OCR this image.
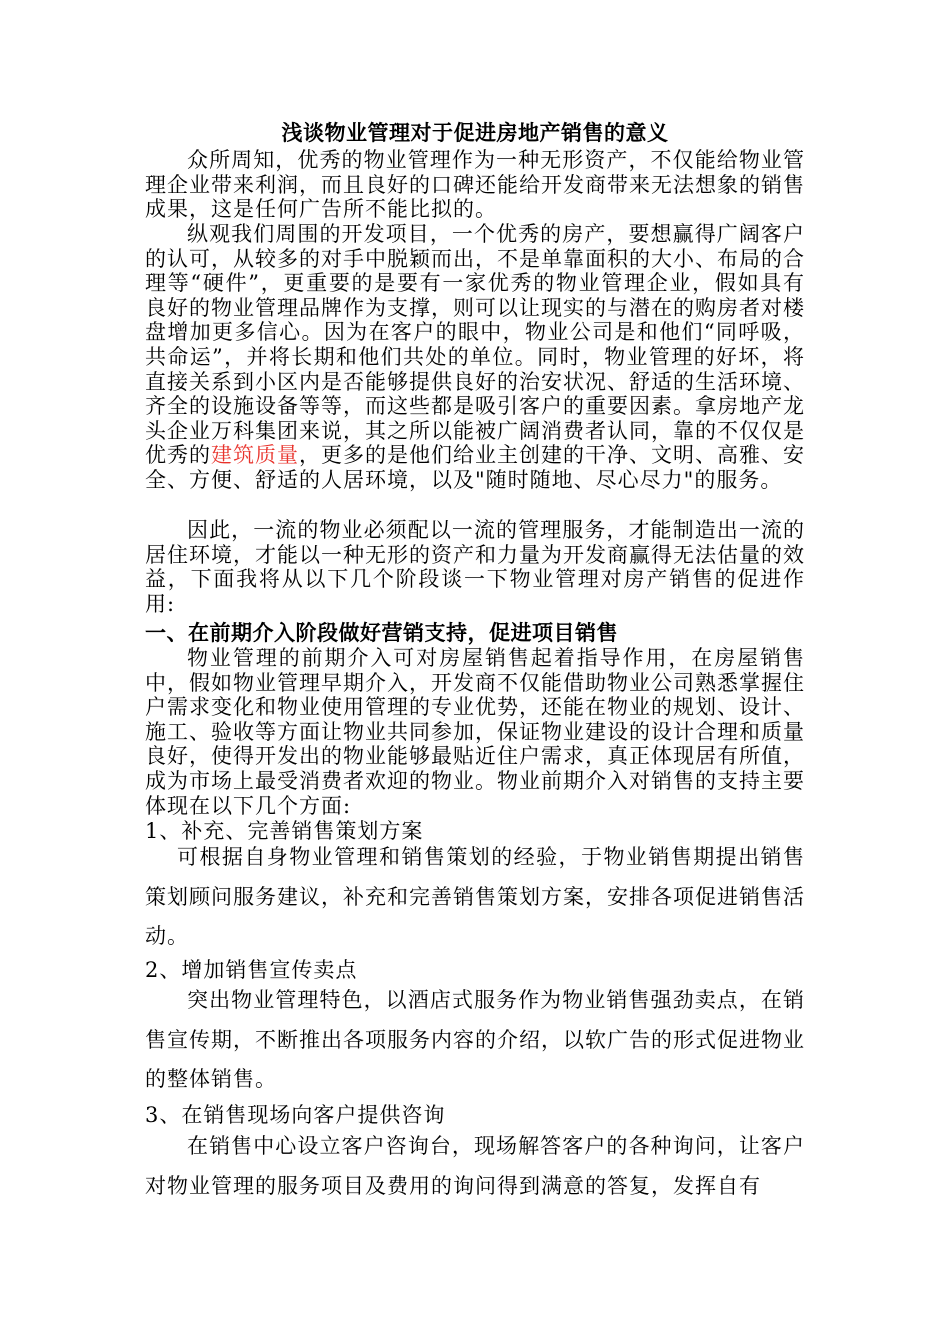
浅谈物业管理对于促进房地产销售的意义

众所周知，优秀的物业管理作为一种无形资产，不仅能给物业管理企业带来利润，而且良好的口碑还能给开发商带来无法想象的销售成果，这是任何广告所不能比拟的。

纵观我们周围的开发项目，一个优秀的房产，要想赢得广阔客户的认可，从较多的对手中脱颖而出，不是单靠面积的大小、布局的合理等“硬件”，更重要的是要有一家优秀的物业管理企业，假如具有良好的物业管理品牌作为支撑，则可以让现实的与潜在的购房者对楼盘增加更多信心。因为在客户的眼中，物业公司是和他们“同呼吸，共命运”，并将长期和他们共处的单位。同时，物业管理的好坏，将直接关系到小区内是否能够提供良好的治安状况、舒适的生活环境、齐全的设施设备等等，而这些都是吸引客户的重要因素。拿房地产龙头企业万科集团来说，其之所以能被广阔消费者认同，靠的不仅仅是优秀的建筑质量，更多的是他们给业主创建的干净、文明、高雅、安全、方便、舒适的人居环境，以及"随时随地、尽心尽力"的服务。

因此，一流的物业必须配以一流的管理服务，才能制造出一流的居住环境，才能以一种无形的资产和力量为开发商赢得无法估量的效益，下面我将从以下几个阶段谈一下物业管理对房产销售的促进作用:

一、在前期介入阶段做好营销支持，促进项目销售

物业管理的前期介入可对房屋销售起着指导作用，在房屋销售中，假如物业管理早期介入，开发商不仅能借助物业公司熟悉掌握住户需求变化和物业使用管理的专业优势，还能在物业的规划、设计、施工、验收等方面让物业共同参加，保证物业建设的设计合理和质量良好，使得开发出的物业能够最贴近住户需求，真正体现居有所值，成为市场上最受消费者欢迎的物业。物业前期介入对销售的支持主要体现在以下几个方面:

1、补充、完善销售策划方案

可根据自身物业管理和销售策划的经验，于物业销售期提出销售策划顾问服务建议，补充和完善销售策划方案，安排各项促进销售活动。

2、增加销售宣传卖点

突出物业管理特色，以酒店式服务作为物业销售强劲卖点，在销售宣传期，不断推出各项服务内容的介绍，以软广告的形式促进物业的整体销售。

3、在销售现场向客户提供咨询

在销售中心设立客户咨询台，现场解答客户的各种询问，让客户对物业管理的服务项目及费用的询问得到满意的答复，发挥自有
